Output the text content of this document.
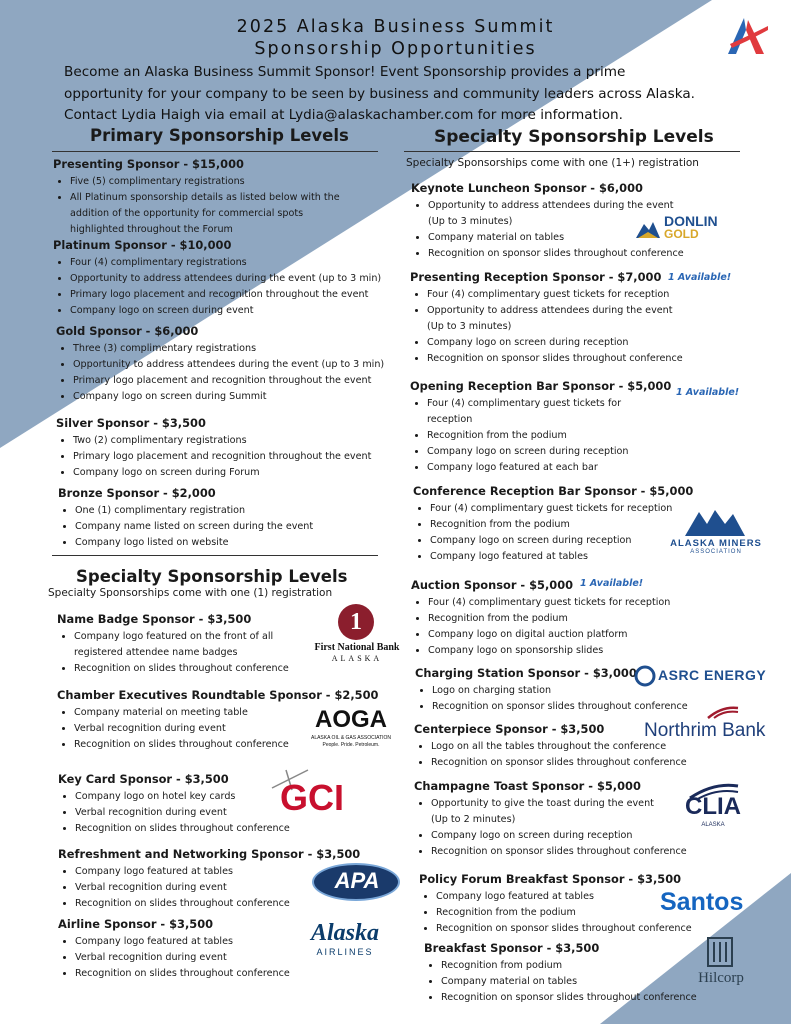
2025 Alaska Business Summit
Sponsorship Opportunities
Become an Alaska Business Summit Sponsor! Event Sponsorship provides a prime
opportunity for your company to be seen by business and community leaders across Alaska.
Contact Lydia Haigh via email at Lydia@alaskachamber.com for more information.
Primary Sponsorship Levels	Specialty Sponsorship Levels
Specialty Sponsorships come with one (1+) registration
Specialty Sponsorship Levels
Specialty Sponsorships come with one (1) registration
Presenting Sponsor - $15,000
• Five (5) complimentary registrations
• All Platinum sponsorship details as listed below with the
addition of the opportunity for commercial spots
highlighted throughout the Forum
Platinum Sponsor - $10,000
• Four (4) complimentary registrations
• Opportunity to address attendees during the event (up to 3 min)
• Primary logo placement and recognition throughout the event
• Company logo on screen during event
Gold Sponsor - $6,000
• Three (3) complimentary registrations
• Opportunity to address attendees during the event (up to 3 min)
• Primary logo placement and recognition throughout the event
• Company logo on screen during Summit
Silver Sponsor - $3,500
• Two (2) complimentary registrations
• Primary logo placement and recognition throughout the event
• Company logo on screen during Forum
Bronze Sponsor - $2,000
• One (1) complimentary registration
• Company name listed on screen during the event
• Company logo listed on website
Name Badge Sponsor - $3,500
• Company logo featured on the front of all
registered attendee name badges
• Recognition on slides throughout conference
Chamber Executives Roundtable Sponsor - $2,500
• Company material on meeting table
• Verbal recognition during event
• Recognition on slides throughout conference
Key Card Sponsor - $3,500
• Company logo on hotel key cards
• Verbal recognition during event
• Recognition on slides throughout conference
Refreshment and Networking Sponsor - $3,500
• Company logo featured at tables
• Verbal recognition during event
• Recognition on slides throughout conference
Airline Sponsor - $3,500
• Company logo featured at tables
• Verbal recognition during event
• Recognition on slides throughout conference
Keynote Luncheon Sponsor - $6,000
• Opportunity to address attendees during the event
(Up to 3 minutes)
• Company material on tables
• Recognition on sponsor slides throughout conference
Presenting Reception Sponsor - $7,000
• Four (4) complimentary guest tickets for reception
• Opportunity to address attendees during the event
(Up to 3 minutes)
• Company logo on screen during reception
• Recognition on sponsor slides throughout conference
1 Available!
Opening Reception Bar Sponsor - $5,000
• Four (4) complimentary guest tickets for
reception
• Recognition from the podium
• Company logo on screen during reception
• Company logo featured at each bar
1 Available!
Conference Reception Bar Sponsor - $5,000
• Four (4) complimentary guest tickets for reception
• Recognition from the podium
• Company logo on screen during reception
• Company logo featured at tables
Auction Sponsor - $5,000
• Four (4) complimentary guest tickets for reception
• Recognition from the podium
• Company logo on digital auction platform
• Company logo on sponsorship slides
1 Available!
Charging Station Sponsor - $3,000
• Logo on charging station
• Recognition on sponsor slides throughout conference
Centerpiece Sponsor - $3,500
• Logo on all the tables throughout the conference
• Recognition on sponsor slides throughout conference
Champagne Toast Sponsor - $5,000
• Opportunity to give the toast during the event
(Up to 2 minutes)
• Company logo on screen during reception
• Recognition on sponsor slides throughout conference
Policy Forum Breakfast Sponsor - $3,500
• Company logo featured at tables
• Recognition from the podium
• Recognition on sponsor slides throughout conference
Breakfast Sponsor - $3,500
• Recognition from podium
• Company material on tables
• Recognition on sponsor slides throughout conference
DONLIN
GOLD
ALASKA MINERS
ASSOCIATION
1
First National Bank
ALASKA
AOGA
ALASKA OIL & GAS ASSOCIATION
People. Pride. Petroleum.
GCI
APA
Alaska
AIRLINES
ASRC ENERGY
Northrim Bank
CLIA
ALASKA
Santos
Hilcorp
